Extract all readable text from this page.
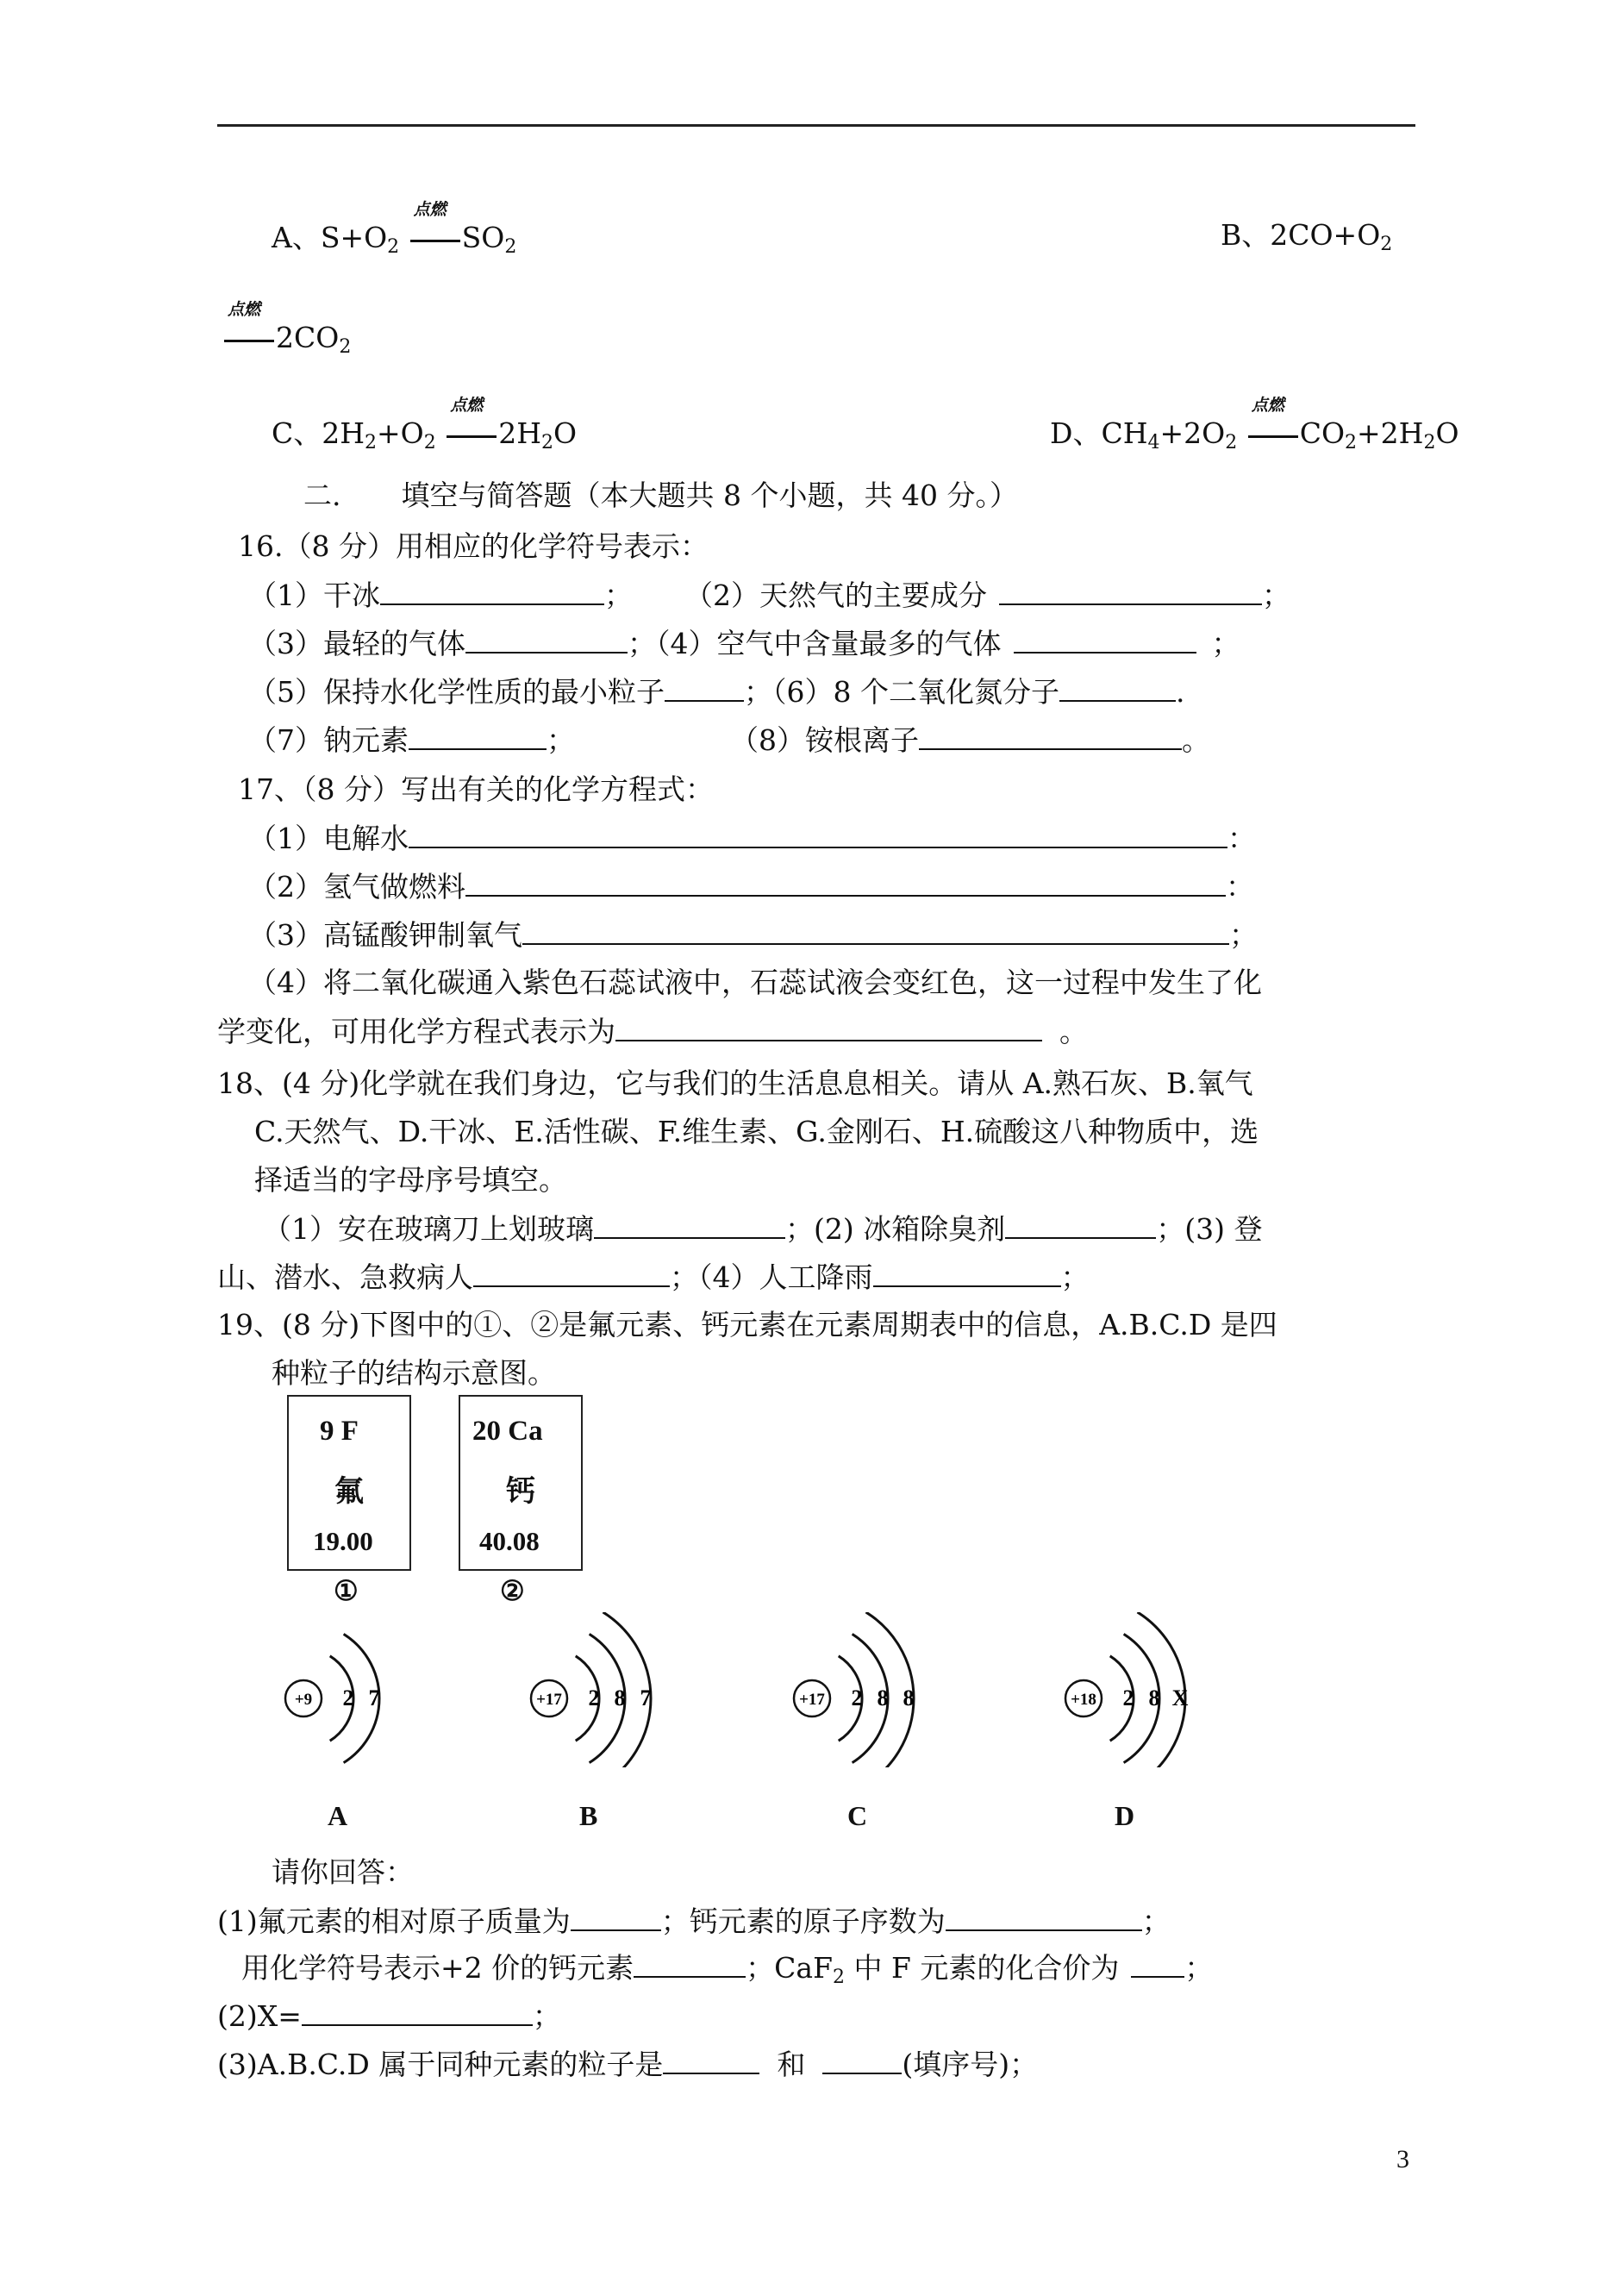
A、$S+O_2$
点燃
$SO_2$	B、$2CO+O_2$
点燃
$2CO_2$
C、$2H_2+O_2$
点燃
$2H_2O$	D、$CH_4+2O_2$
点燃
$CO_2+2H_2O$
二. 填空与简答题（本大题共 8 个小题，共 40 分。）
16.（8 分）用相应的化学符号表示：
（1）干冰	； （2）天然气的主要成分	；
（3）最轻的气体	；（4）空气中含量最多的气体	；
（5）保持水化学性质的最小粒子	；（6）8 个二氧化氮分子	.
（7）钠元素	；	（8）铵根离子	。
17、（8 分）写出有关的化学方程式：
（1）电解水	：
（2）氢气做燃料	：
（3）高锰酸钾制氧气	；
（4）将二氧化碳通入紫色石蕊试液中，石蕊试液会变红色，这一过程中发生了化
学变化，可用化学方程式表示为	。
18、(4 分)化学就在我们身边，它与我们的生活息息相关。请从 A.熟石灰、B.氧气
C.天然气、D.干冰、E.活性碳、F.维生素、G.金刚石、H.硫酸这八种物质中，选
择适当的字母序号填空。
（1）安在玻璃刀上划玻璃	；(2) 冰箱除臭剂	；(3) 登
山、潜水、急救病人	；（4）人工降雨	；
19、(8 分)下图中的①、②是氟元素、钙元素在元素周期表中的信息，A.B.C.D 是四
种粒子的结构示意图。
9 F
氟
19.00
①
20 Ca
钙
40.08
②
+9 2 7
A
+17 2 8 7
B
+17 2 8 8
C
+18 2 8 X
D
请你回答：
(1)氟元素的相对原子质量为	；钙元素的原子序数为	；
用化学符号表示+2 价的钙元素	；CaF$_2$ 中 F 元素的化合价为 ；
(2)X=	；
(3)A.B.C.D 属于同种元素的粒子是	和	(填序号)；
3
